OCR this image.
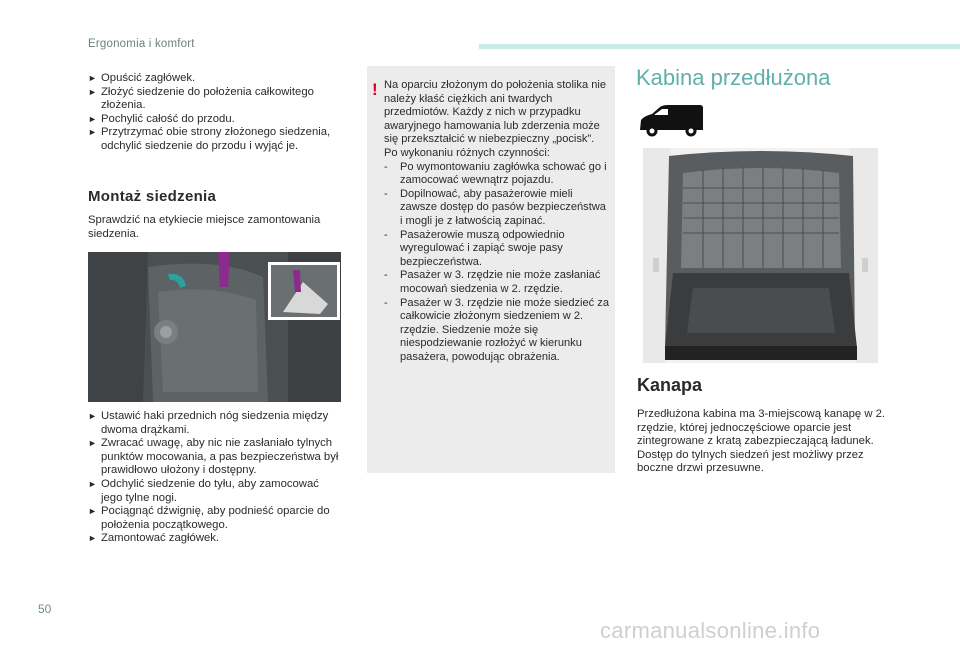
Ergonomia i komfort
► Opuścić zagłówek.
► Złożyć siedzenie do położenia całkowitego złożenia.
► Pochylić całość do przodu.
► Przytrzymać obie strony złożonego siedzenia, odchylić siedzenie do przodu i wyjąć je.
Montaż siedzenia
Sprawdzić na etykiecie miejsce zamontowania siedzenia.
► Ustawić haki przednich nóg siedzenia między dwoma drążkami.
► Zwracać uwagę, aby nic nie zasłaniało tylnych punktów mocowania, a pas bezpieczeństwa był prawidłowo ułożony i dostępny.
► Odchylić siedzenie do tyłu, aby zamocować jego tylne nogi.
► Pociągnąć dźwignię, aby podnieść oparcie do położenia początkowego.
► Zamontować zagłówek.
! Na oparciu złożonym do położenia stolika nie należy kłaść ciężkich ani twardych przedmiotów. Każdy z nich w przypadku awaryjnego hamowania lub zderzenia może się przekształcić w niebezpieczny „pocisk”.
Po wykonaniu różnych czynności:
- Po wymontowaniu zagłówka schować go i zamocować wewnątrz pojazdu.
- Dopilnować, aby pasażerowie mieli zawsze dostęp do pasów bezpieczeństwa i mogli je z łatwością zapinać.
- Pasażerowie muszą odpowiednio wyregulować i zapiąć swoje pasy bezpieczeństwa.
- Pasażer w 3. rzędzie nie może zasłaniać mocowań siedzenia w 2. rzędzie.
- Pasażer w 3. rzędzie nie może siedzieć za całkowicie złożonym siedzeniem w 2. rzędzie. Siedzenie może się niespodziewanie rozłożyć w kierunku pasażera, powodując obrażenia.
Kabina przedłużona
Kanapa
Przedłużona kabina ma 3-miejscową kanapę w 2. rzędzie, której jednoczęściowe oparcie jest zintegrowane z kratą zabezpieczającą ładunek.
Dostęp do tylnych siedzeń jest możliwy przez boczne drzwi przesuwne.
50
carmanualsonline.info
